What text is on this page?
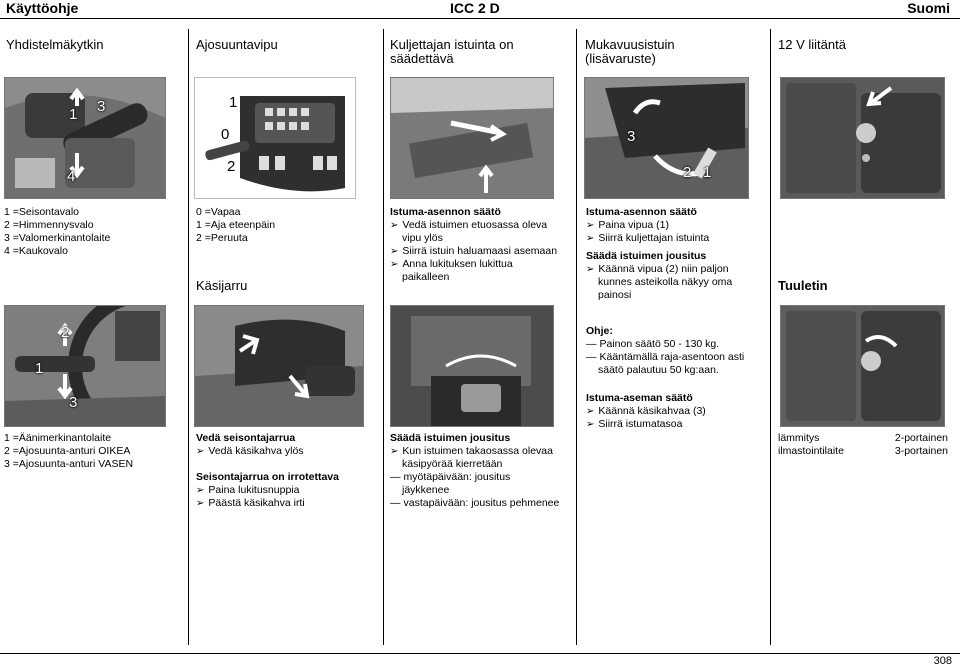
Käyttöohje	ICC 2 D	Suomi
Yhdistelmäkytkin	Ajosuuntavipu	Kuljettajan istuinta on
säädettävä
Mukavuusistuin
(lisävaruste)
12 V liitäntä
1 3
4
1 =Seisontavalo
2 =Himmennysvalo
3 =Valomerkinantolaite
4 =Kaukovalo
2
1
3
1 =Äänimerkinantolaite
2 =Ajosuunta-anturi OIKEA
3 =Ajosuunta-anturi VASEN
1
0
2
0 =Vapaa
1 =Aja eteenpäin
2 =Peruuta
Käsijarru
Vedä seisontajarrua
➢ Vedä käsikahva ylös
Seisontajarrua on irrotettava
➢ Paina lukitusnuppia
➢ Päästä käsikahva irti
Istuma-asennon säätö
➢ Vedä istuimen etuosassa oleva
vipu ylös
➢ Siirrä istuin haluamaasi asemaan
➢ Anna lukituksen lukittua
paikalleen
Säädä istuimen jousitus
➢ Kun istuimen takaosassa olevaa
käsipyörää kierretään
— myötäpäivään: jousitus
jäykkenee
— vastapäivään: jousitus pehmenee
3
2 1
Istuma-asennon säätö
➢ Paina vipua (1)
➢ Siirrä kuljettajan istuinta
Säädä istuimen jousitus
➢ Käännä vipua (2) niin paljon
kunnes asteikolla näkyy oma
painosi
Ohje:
— Painon säätö 50 - 130 kg.
— Kääntämällä raja-asentoon asti
säätö palautuu 50 kg:aan.
Istuma-aseman säätö
➢ Käännä käsikahvaa (3)
➢ Siirrä istumatasoa
Tuuletin
lämmitys	2-portainen
ilmastointilaite	3-portainen
308
